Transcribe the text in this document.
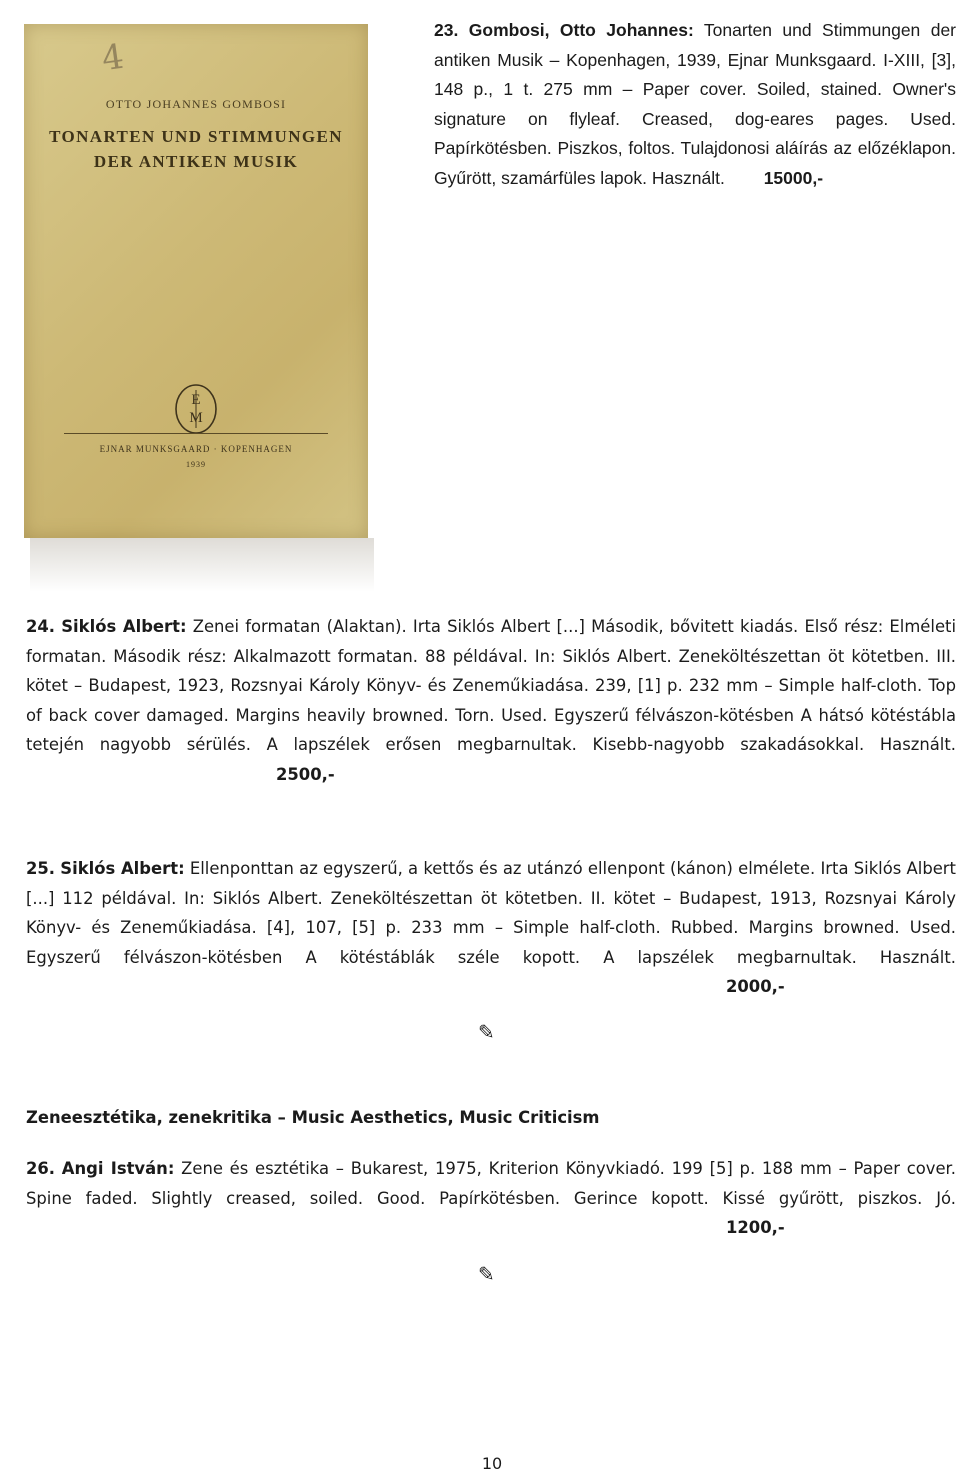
4
OTTO JOHANNES GOMBOSI
TONARTEN UND STIMMUNGEN
DER ANTIKEN MUSIK
E
M
EJNAR MUNKSGAARD · KOPENHAGEN
1939
23. Gombosi, Otto Johannes: Tonarten und Stimmungen der antiken Musik – Kopenhagen, 1939, Ejnar Munksgaard. I-XIII, [3], 148 p., 1 t. 275 mm – Paper cover. Soiled, stained. Owner's signature on flyleaf. Creased, dog-eares pages. Used. Papírkötésben. Piszkos, foltos. Tulajdonosi aláírás az előzéklapon. Gyűrött, szamárfüles lapok. Használt. 15000,-
24. Siklós Albert: Zenei formatan (Alaktan). Irta Siklós Albert [...] Második, bővitett kiadás. Első rész: Elméleti formatan. Második rész: Alkalmazott formatan. 88 példával. In: Siklós Albert. Zeneköltészettan öt kötetben. III. kötet – Budapest, 1923, Rozsnyai Károly Könyv- és Zeneműkiadása. 239, [1] p. 232 mm – Simple half-cloth. Top of back cover damaged. Margins heavily browned. Torn. Used. Egyszerű félvászon-kötésben A hátsó kötéstábla tetején nagyobb sérülés. A lapszélek erősen megbarnultak. Kisebb-nagyobb szakadásokkal. Használt. 2500,-
25. Siklós Albert: Ellenponttan az egyszerű, a kettős és az utánzó ellenpont (kánon) elmélete. Irta Siklós Albert [...] 112 példával. In: Siklós Albert. Zeneköltészettan öt kötetben. II. kötet – Budapest, 1913, Rozsnyai Károly Könyv- és Zeneműkiadása. [4], 107, [5] p. 233 mm – Simple half-cloth. Rubbed. Margins browned. Used. Egyszerű félvászon-kötésben A kötéstáblák széle kopott. A lapszélek megbarnultak. Használt. 2000,-
✎
Zeneesztétika, zenekritika – Music Aesthetics, Music Criticism
26. Angi István: Zene és esztétika – Bukarest, 1975, Kriterion Könyvkiadó. 199 [5] p. 188 mm – Paper cover. Spine faded. Slightly creased, soiled. Good. Papírkötésben. Gerince kopott. Kissé gyűrött, piszkos. Jó. 1200,-
✎
10
